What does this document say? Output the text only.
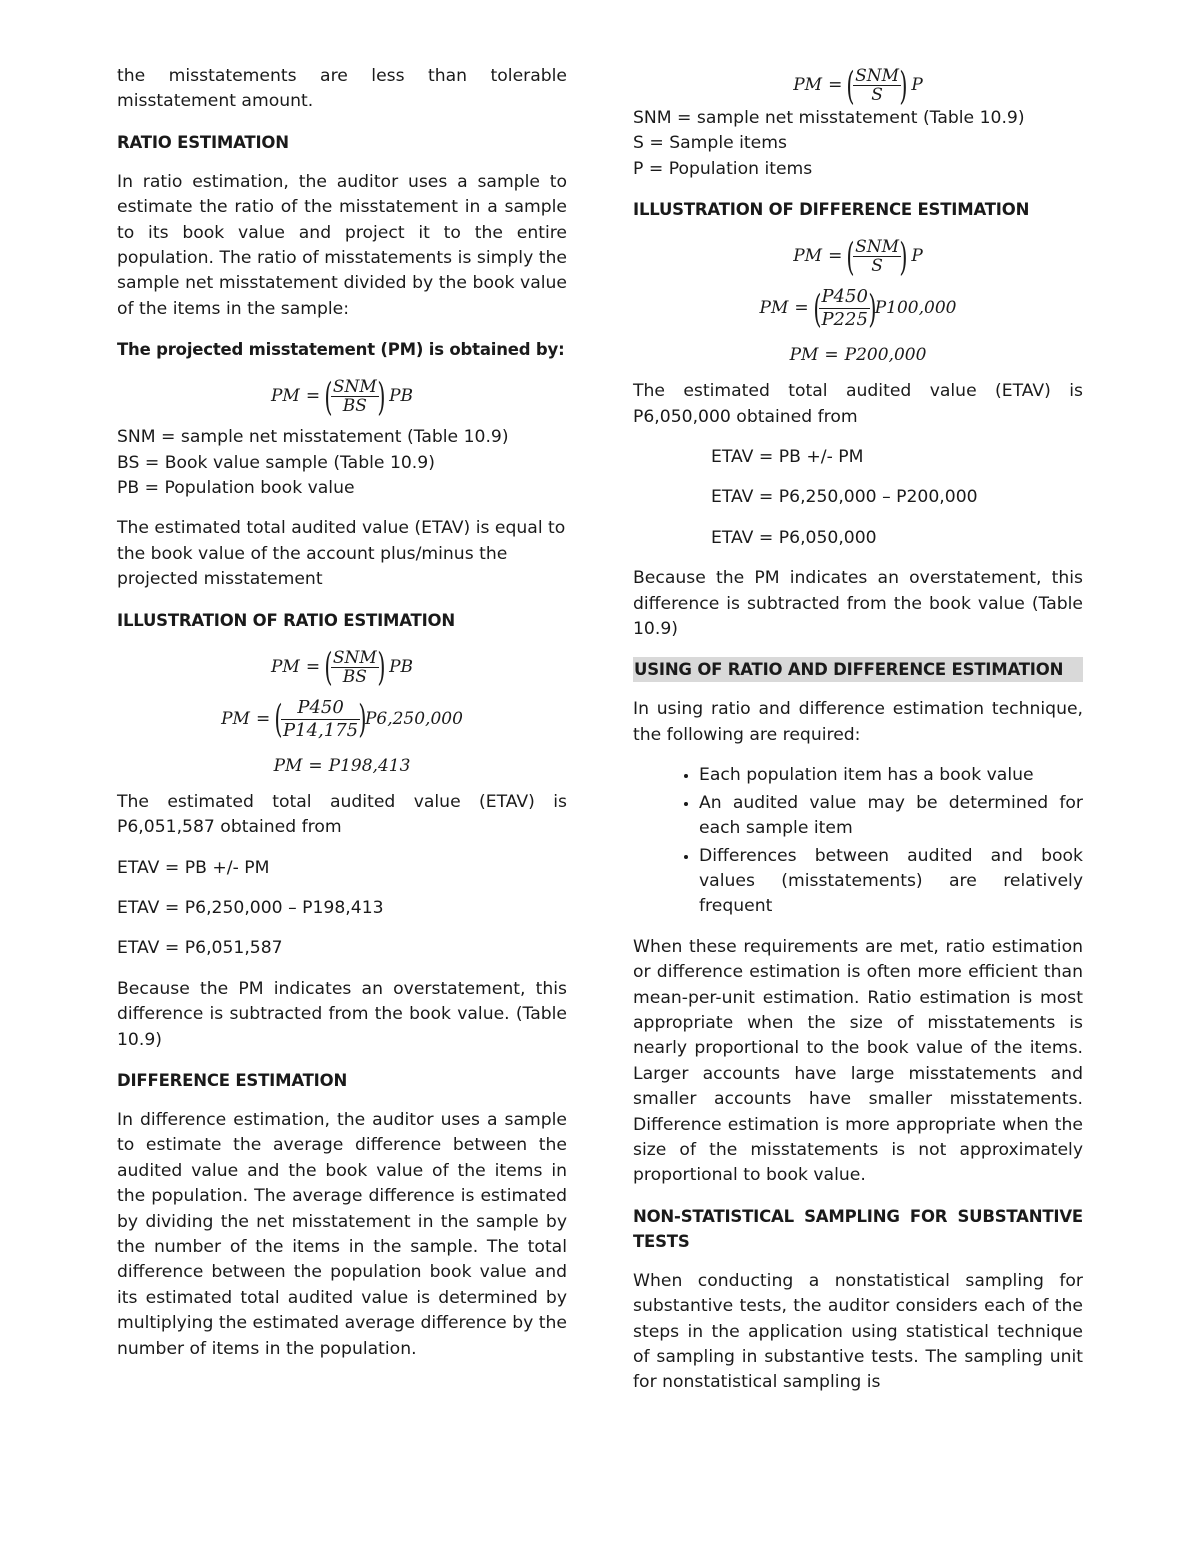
the misstatements are less than tolerable misstatement amount.

RATIO ESTIMATION

In ratio estimation, the auditor uses a sample to estimate the ratio of the misstatement in a sample to its book value and project it to the entire population. The ratio of misstatements is simply the sample net misstatement divided by the book value of the items in the sample:

The projected misstatement (PM) is obtained by:
PM = (
$\frac{\text{SNM}}{BS}$
) PB

SNM = sample net misstatement (Table 10.9)
BS = Book value sample (Table 10.9)
PB = Population book value

The estimated total audited value (ETAV) is equal to the book value of the account plus/minus the projected misstatement

ILLUSTRATION OF RATIO ESTIMATION
PM = (
$\frac{\text{SNM}}{BS}$
) PB
PM = (
$\frac{P450}{P14,175}$
)P6,250,000
PM = P198,413

The estimated total audited value (ETAV) is P6,051,587 obtained from

ETAV = PB +/- PM

ETAV = P6,250,000 – P198,413

ETAV = P6,051,587

Because the PM indicates an overstatement, this difference is subtracted from the book value. (Table 10.9)

DIFFERENCE ESTIMATION

In difference estimation, the auditor uses a sample to estimate the average difference between the audited value and the book value of the items in the population. The average difference is estimated by dividing the net misstatement in the sample by the number of the items in the sample. The total difference between the population book value and its estimated total audited value is determined by multiplying the estimated average difference by the number of items in the population.

PM = (
$\frac{\text{SNM}}{S}$
) P

SNM = sample net misstatement (Table 10.9)
S = Sample items
P = Population items

ILLUSTRATION OF DIFFERENCE ESTIMATION
PM = (
$\frac{\text{SNM}}{S}$
) P
PM = (
$\frac{P450}{P225}$
)P100,000
PM = P200,000

The estimated total audited value (ETAV) is P6,050,000 obtained from

ETAV = PB +/- PM
ETAV = P6,250,000 – P200,000
ETAV = P6,050,000

Because the PM indicates an overstatement, this difference is subtracted from the book value (Table 10.9)

USING OF RATIO AND DIFFERENCE ESTIMATION

In using ratio and difference estimation technique, the following are required:

• Each population item has a book value
• An audited value may be determined for each sample item
• Differences between audited and book values (misstatements) are relatively frequent

When these requirements are met, ratio estimation or difference estimation is often more efficient than mean-per-unit estimation. Ratio estimation is most appropriate when the size of misstatements is nearly proportional to the book value of the items. Larger accounts have large misstatements and smaller accounts have smaller misstatements. Difference estimation is more appropriate when the size of the misstatements is not approximately proportional to book value.

NON-STATISTICAL SAMPLING FOR SUBSTANTIVE TESTS

When conducting a nonstatistical sampling for substantive tests, the auditor considers each of the steps in the application using statistical technique of sampling in substantive tests. The sampling unit for nonstatistical sampling is
